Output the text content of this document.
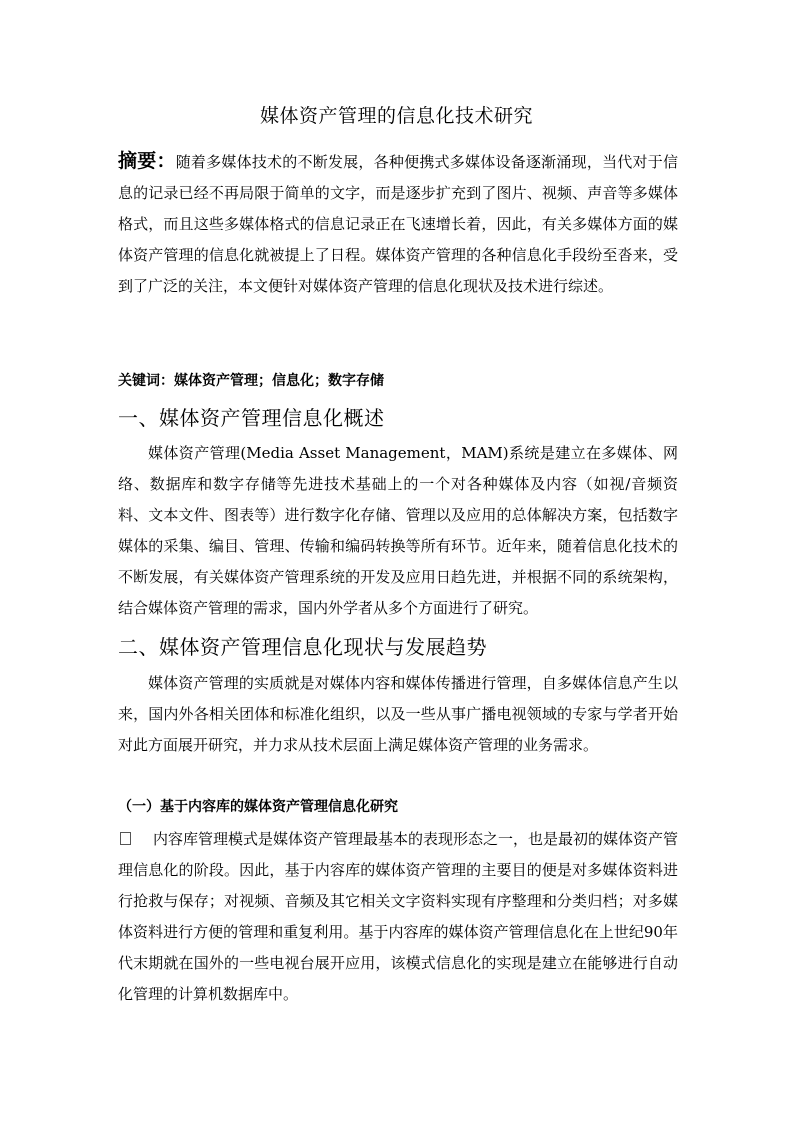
媒体资产管理的信息化技术研究
摘要：随着多媒体技术的不断发展，各种便携式多媒体设备逐渐涌现，当代对于信息的记录已经不再局限于简单的文字，而是逐步扩充到了图片、视频、声音等多媒体格式，而且这些多媒体格式的信息记录正在飞速增长着，因此，有关多媒体方面的媒体资产管理的信息化就被提上了日程。媒体资产管理的各种信息化手段纷至沓来，受到了广泛的关注，本文便针对媒体资产管理的信息化现状及技术进行综述。
关键词：媒体资产管理；信息化；数字存储
一、媒体资产管理信息化概述
媒体资产管理(Media Asset Management，MAM)系统是建立在多媒体、网络、数据库和数字存储等先进技术基础上的一个对各种媒体及内容（如视/音频资料、文本文件、图表等）进行数字化存储、管理以及应用的总体解决方案，包括数字媒体的采集、编目、管理、传输和编码转换等所有环节。近年来，随着信息化技术的不断发展，有关媒体资产管理系统的开发及应用日趋先进，并根据不同的系统架构，结合媒体资产管理的需求，国内外学者从多个方面进行了研究。
二、媒体资产管理信息化现状与发展趋势
媒体资产管理的实质就是对媒体内容和媒体传播进行管理，自多媒体信息产生以来，国内外各相关团体和标准化组织，以及一些从事广播电视领域的专家与学者开始对此方面展开研究，并力求从技术层面上满足媒体资产管理的业务需求。
（一）基于内容库的媒体资产管理信息化研究
内容库管理模式是媒体资产管理最基本的表现形态之一，也是最初的媒体资产管理信息化的阶段。因此，基于内容库的媒体资产管理的主要目的便是对多媒体资料进行抢救与保存；对视频、音频及其它相关文字资料实现有序整理和分类归档；对多媒体资料进行方便的管理和重复利用。基于内容库的媒体资产管理信息化在上世纪90年代末期就在国外的一些电视台展开应用，该模式信息化的实现是建立在能够进行自动化管理的计算机数据库中。
